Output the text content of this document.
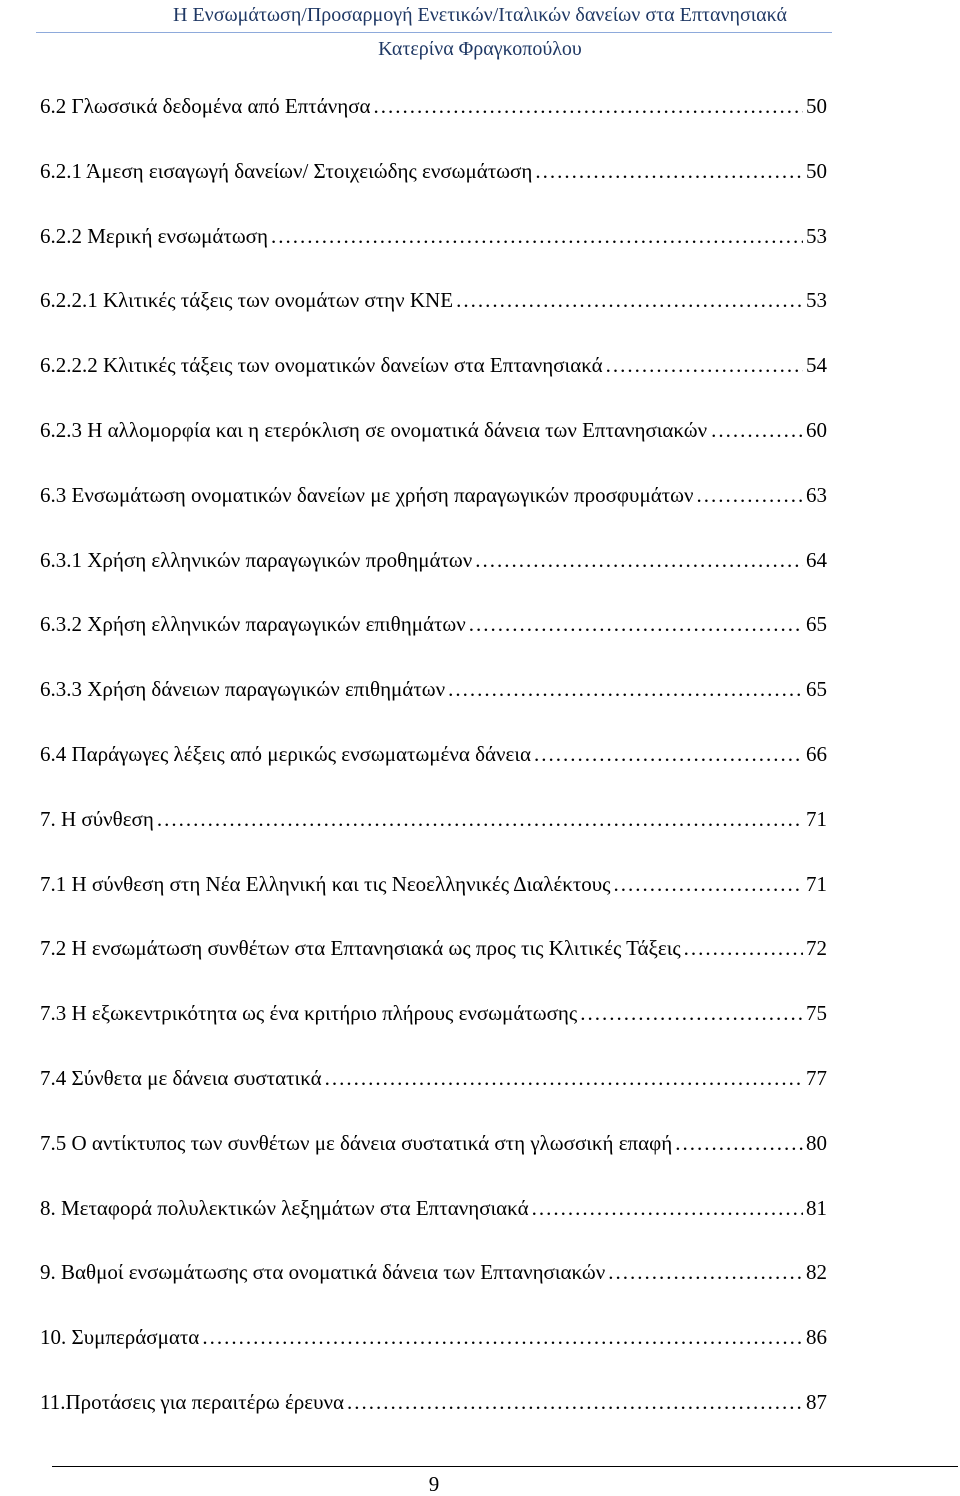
Η Ενσωμάτωση/Προσαρμογή Ενετικών/Ιταλικών δανείων στα Επτανησιακά
Κατερίνα Φραγκοπούλου
6.2 Γλωσσικά δεδομένα από Επτάνησα .....	50
6.2.1 Άμεση εισαγωγή δανείων/ Στοιχειώδης ενσωμάτωση .....	50
6.2.2 Μερική ενσωμάτωση .....	53
6.2.2.1 Κλιτικές τάξεις των ονομάτων στην ΚΝΕ .....	53
6.2.2.2 Κλιτικές τάξεις των ονοματικών δανείων στα Επτανησιακά .....	54
6.2.3 Η αλλομορφία και η ετερόκλιση σε ονοματικά δάνεια των Επτανησιακών .....	60
6.3 Ενσωμάτωση ονοματικών δανείων με χρήση παραγωγικών προσφυμάτων .....	63
6.3.1 Χρήση ελληνικών παραγωγικών προθημάτων .....	64
6.3.2 Χρήση ελληνικών παραγωγικών επιθημάτων .....	65
6.3.3 Χρήση δάνειων παραγωγικών επιθημάτων .....	65
6.4 Παράγωγες λέξεις από μερικώς ενσωματωμένα δάνεια .....	66
7. Η σύνθεση .....	71
7.1 Η σύνθεση στη Νέα Ελληνική και τις Νεοελληνικές Διαλέκτους .....	71
7.2 Η ενσωμάτωση συνθέτων στα Επτανησιακά ως προς τις Κλιτικές Τάξεις .....	72
7.3 Η εξωκεντρικότητα ως ένα κριτήριο πλήρους ενσωμάτωσης .....	75
7.4 Σύνθετα με δάνεια συστατικά .....	77
7.5 Ο αντίκτυπος των συνθέτων με δάνεια συστατικά στη γλωσσική επαφή .....	80
8. Μεταφορά πολυλεκτικών λεξημάτων στα Επτανησιακά .....	81
9. Βαθμοί ενσωμάτωσης στα ονοματικά δάνεια των Επτανησιακών .....	82
10. Συμπεράσματα .....	86
11.Προτάσεις για περαιτέρω έρευνα .....	87
9
